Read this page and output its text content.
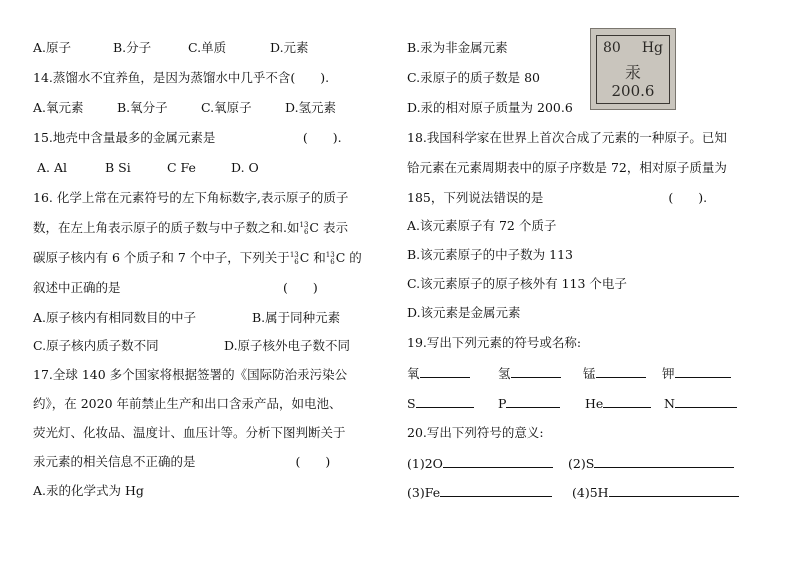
A.原子	B.分子	C.单质	D.元素
14.蒸馏水不宜养鱼，是因为蒸馏水中几乎不含(　　).
A.氧元素	B.氧分子	C.氧原子	D.氢元素
15.地壳中含量最多的金属元素是　　　　　　　(　　).
A. Al	B Si	C Fe	D. O
16. 化学上常在元素符号的左下角标数字,表示原子的质子
数，在左上角表示原子的质子数与中子数之和.如13
6C 表示
碳原子核内有 6 个质子和 7 个中子，下列关于13
6C 和13
6C 的
叙述中正确的是　　　　　　　　　　　　　(　　)
A.原子核内有相同数目的中子	B.属于同种元素
C.原子核内质子数不同	D.原子核外电子数不同
17.全球 140 多个国家将根据签署的《国际防治汞污染公
约》，在 2020 年前禁止生产和出口含汞产品，如电池、
荧光灯、化妆品、温度计、血压计等。分析下图判断关于
汞元素的相关信息不正确的是　　　　　　　　(　　)
A.汞的化学式为 Hg
B.汞为非金属元素
C.汞原子的质子数是 80
D.汞的相对原子质量为 200.6
80 Hg
汞
200.6
18.我国科学家在世界上首次合成了元素的一种原子。已知
铪元素在元素周期表中的原子序数是 72，相对原子质量为
185，下列说法错误的是　　　　　　　　　　(　　).
A.该元素原子有 72 个质子
B.该元素原子的中子数为 113
C.该元素原子的原子核外有 113 个电子
D.该元素是金属元素
19.写出下列元素的符号或名称:
氧	氢	锰	钾
S	P	He	N
20.写出下列符号的意义:
(1)2O	(2)S
(3)Fe	(4)5H
